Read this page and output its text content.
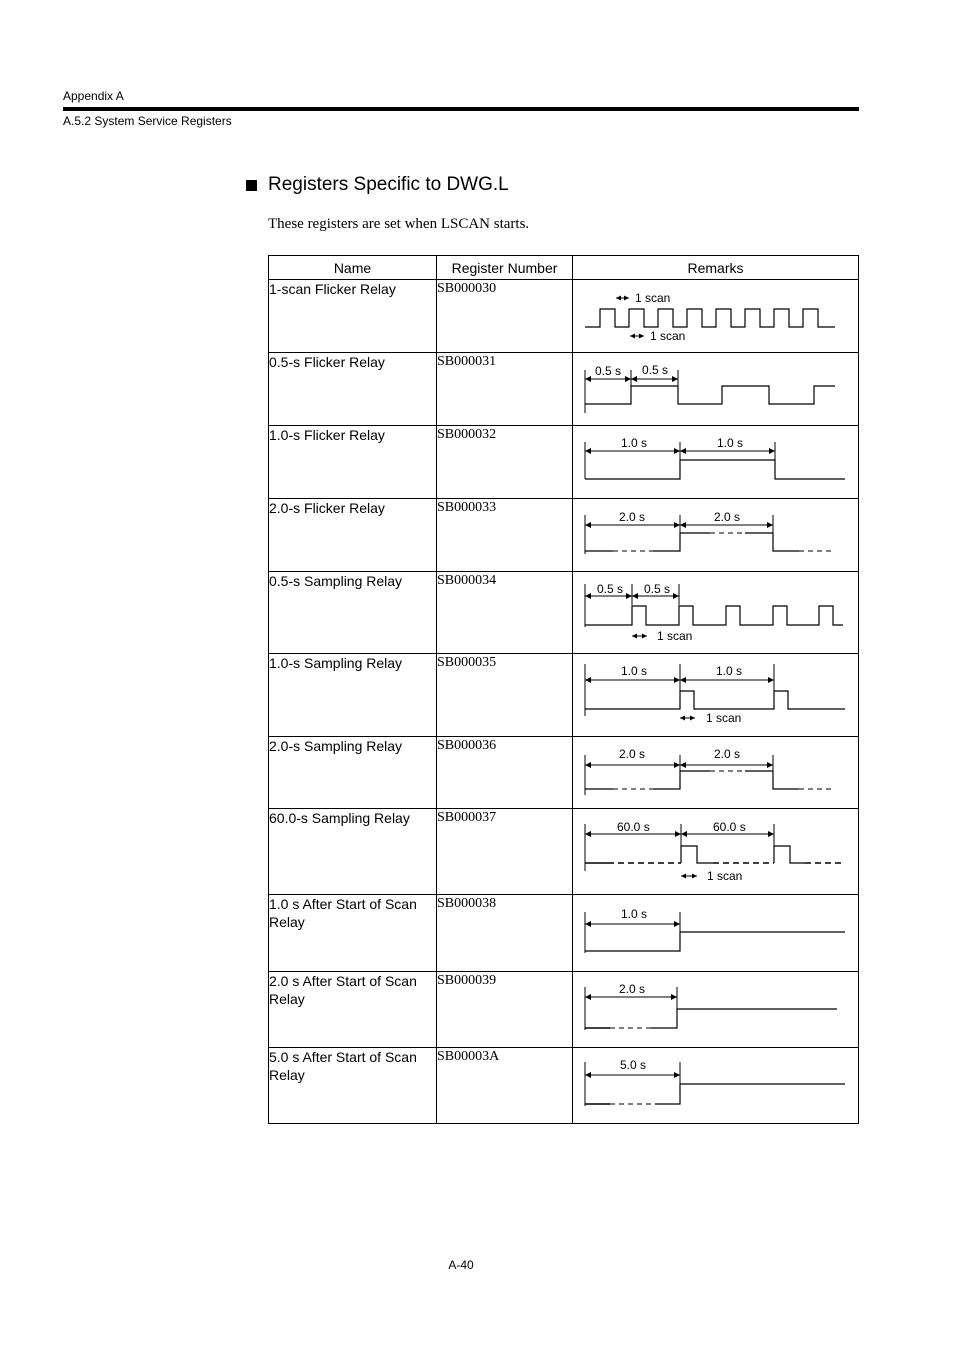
Appendix A
A.5.2 System Service Registers
Registers Specific to DWG.L
These registers are set when LSCAN starts.
Name	Register Number	Remarks
1-scan Flicker Relay	SB000030	1 scan
1 scan

0.5-s Flicker Relay	SB000031	0.5 s 0.5 s

1.0-s Flicker Relay	SB000032	1.0 s 1.0 s

2.0-s Flicker Relay	SB000033	2.0 s 2.0 s

0.5-s Sampling Relay	SB000034	0.5 s 0.5 s
1 scan

1.0-s Sampling Relay	SB000035	1.0 s 1.0 s
1 scan

2.0-s Sampling Relay	SB000036	2.0 s 2.0 s

60.0-s Sampling Relay	SB000037	60.0 s 60.0 s
1 scan

1.0 s After Start of Scan Relay	SB000038	1.0 s

2.0 s After Start of Scan Relay	SB000039	2.0 s

5.0 s After Start of Scan Relay	SB00003A	5.0 s
A-40
